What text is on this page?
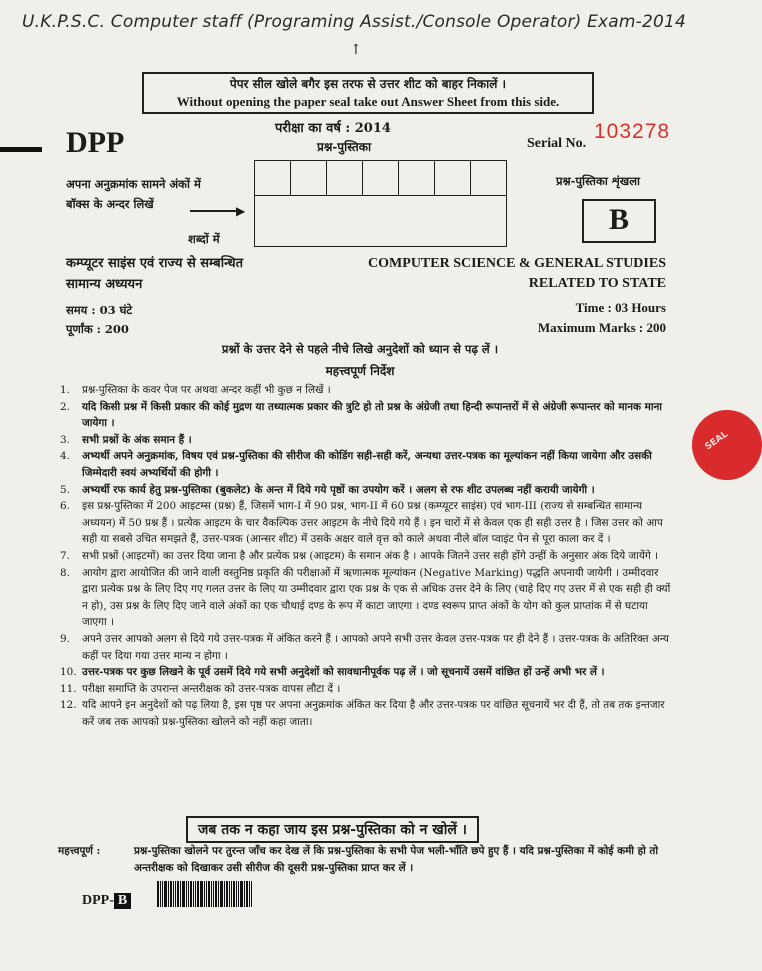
U.K.P.S.C. Computer staff (Programing Assist./Console Operator) Exam-2014
↑
पेपर सील खोले बगैर इस तरफ से उत्तर शीट को बाहर निकालें ।
Without opening the paper seal take out Answer Sheet from this side.
DPP	परीक्षा का वर्ष : 2014
प्रश्न-पुस्तिका	Serial No.
103278
अपना अनुक्रमांक सामने अंकों में
बॉक्स के अन्दर लिखें	▶
शब्दों में
प्रश्न-पुस्तिका शृंखला
B
कम्प्यूटर साइंस एवं राज्य से सम्बन्धित
सामान्य अध्ययन
COMPUTER SCIENCE & GENERAL STUDIES
RELATED TO STATE
समय : 03 घंटे
पूर्णांक : 200
Time : 03 Hours
Maximum Marks : 200
प्रश्नों के उत्तर देने से पहले नीचे लिखे अनुदेशों को ध्यान से पढ़ लें ।
महत्त्वपूर्ण निर्देश
1.	प्रश्न-पुस्तिका के कवर पेज पर अथवा अन्दर कहीं भी कुछ न लिखें ।
2.	यदि किसी प्रश्न में किसी प्रकार की कोई मुद्रण या तथ्यात्मक प्रकार की त्रुटि हो तो प्रश्न के अंग्रेजी तथा हिन्दी रूपान्तरों में से अंग्रेजी रूपान्तर को मानक माना जायेगा ।
3.	सभी प्रश्नों के अंक समान हैं ।
4.	अभ्यर्थी अपने अनुक्रमांक, विषय एवं प्रश्न-पुस्तिका की सीरीज की कोडिंग सही-सही करें, अन्यथा उत्तर-पत्रक का मूल्यांकन नहीं किया जायेगा और उसकी जिम्मेदारी स्वयं अभ्यर्थियों की होगी ।
5.	अभ्यर्थी रफ कार्य हेतु प्रश्न-पुस्तिका (बुकलेट) के अन्त में दिये गये पृष्ठों का उपयोग करें । अलग से रफ शीट उपलब्ध नहीं करायी जायेगी ।
6.	इस प्रश्न-पुस्तिका में 200 आइटम्स (प्रश्न) हैं, जिसमें भाग-I में 90 प्रश्न, भाग-II में 60 प्रश्न (कम्प्यूटर साइंस) एवं भाग-III (राज्य से सम्बन्धित सामान्य अध्ययन) में 50 प्रश्न हैं । प्रत्येक आइटम के चार वैकल्पिक उत्तर आइटम के नीचे दिये गये हैं । इन चारों में से केवल एक ही सही उत्तर है । जिस उत्तर को आप सही या सबसे उचित समझते हैं, उत्तर-पत्रक (आन्सर शीट) में उसके अक्षर वाले वृत्त को काले अथवा नीले बॉल प्वाइंट पेन से पूरा काला कर दें ।
7.	सभी प्रश्नों (आइटमों) का उत्तर दिया जाना है और प्रत्येक प्रश्न (आइटम) के समान अंक है । आपके जितने उत्तर सही होंगे उन्हीं के अनुसार अंक दिये जायेंगे ।
8.	आयोग द्वारा आयोजित की जाने वाली वस्तुनिष्ठ प्रकृति की परीक्षाओं में ऋणात्मक मूल्यांकन (Negative Marking) पद्धति अपनायी जायेगी । उम्मीदवार द्वारा प्रत्येक प्रश्न के लिए दिए गए गलत उत्तर के लिए या उम्मीदवार द्वारा एक प्रश्न के एक से अधिक उत्तर देने के लिए (चाहे दिए गए उत्तर में से एक सही ही क्यों न हो), उस प्रश्न के लिए दिए जाने वाले अंकों का एक चौथाई दण्ड के रूप में काटा जाएगा । दण्ड स्वरूप प्राप्त अंकों के योग को कुल प्राप्तांक में से घटाया जाएगा ।
9.	अपने उत्तर आपको अलग से दिये गये उत्तर-पत्रक में अंकित करने हैं । आपको अपने सभी उत्तर केवल उत्तर-पत्रक पर ही देने हैं । उत्तर-पत्रक के अतिरिक्त अन्य कहीं पर दिया गया उत्तर मान्य न होगा ।
10. उत्तर-पत्रक पर कुछ लिखने के पूर्व उसमें दिये गये सभी अनुदेशों को सावधानीपूर्वक पढ़ लें । जो सूचनायें उसमें वांछित हों उन्हें अभी भर लें ।
11. परीक्षा समाप्ति के उपरान्त अन्तरीक्षक को उत्तर-पत्रक वापस लौटा दें ।
12. यदि आपने इन अनुदेशों को पढ़ लिया है, इस पृष्ठ पर अपना अनुक्रमांक अंकित कर दिया है और उत्तर-पत्रक पर वांछित सूचनायें भर दी हैं, तो तब तक इन्तजार करें जब तक आपको प्रश्न-पुस्तिका खोलने को नहीं कहा जाता।
जब तक न कहा जाय इस प्रश्न-पुस्तिका को न खोलें ।
महत्त्वपूर्ण :	प्रश्न-पुस्तिका खोलने पर तुरन्त जाँच कर देख लें कि प्रश्न-पुस्तिका के सभी पेज भली-भाँति छपे हुए हैं । यदि प्रश्न-पुस्तिका में कोई कमी हो तो अन्तरीक्षक को दिखाकर उसी सीरीज की दूसरी प्रश्न-पुस्तिका प्राप्त कर लें ।
DPP- B
SEAL
